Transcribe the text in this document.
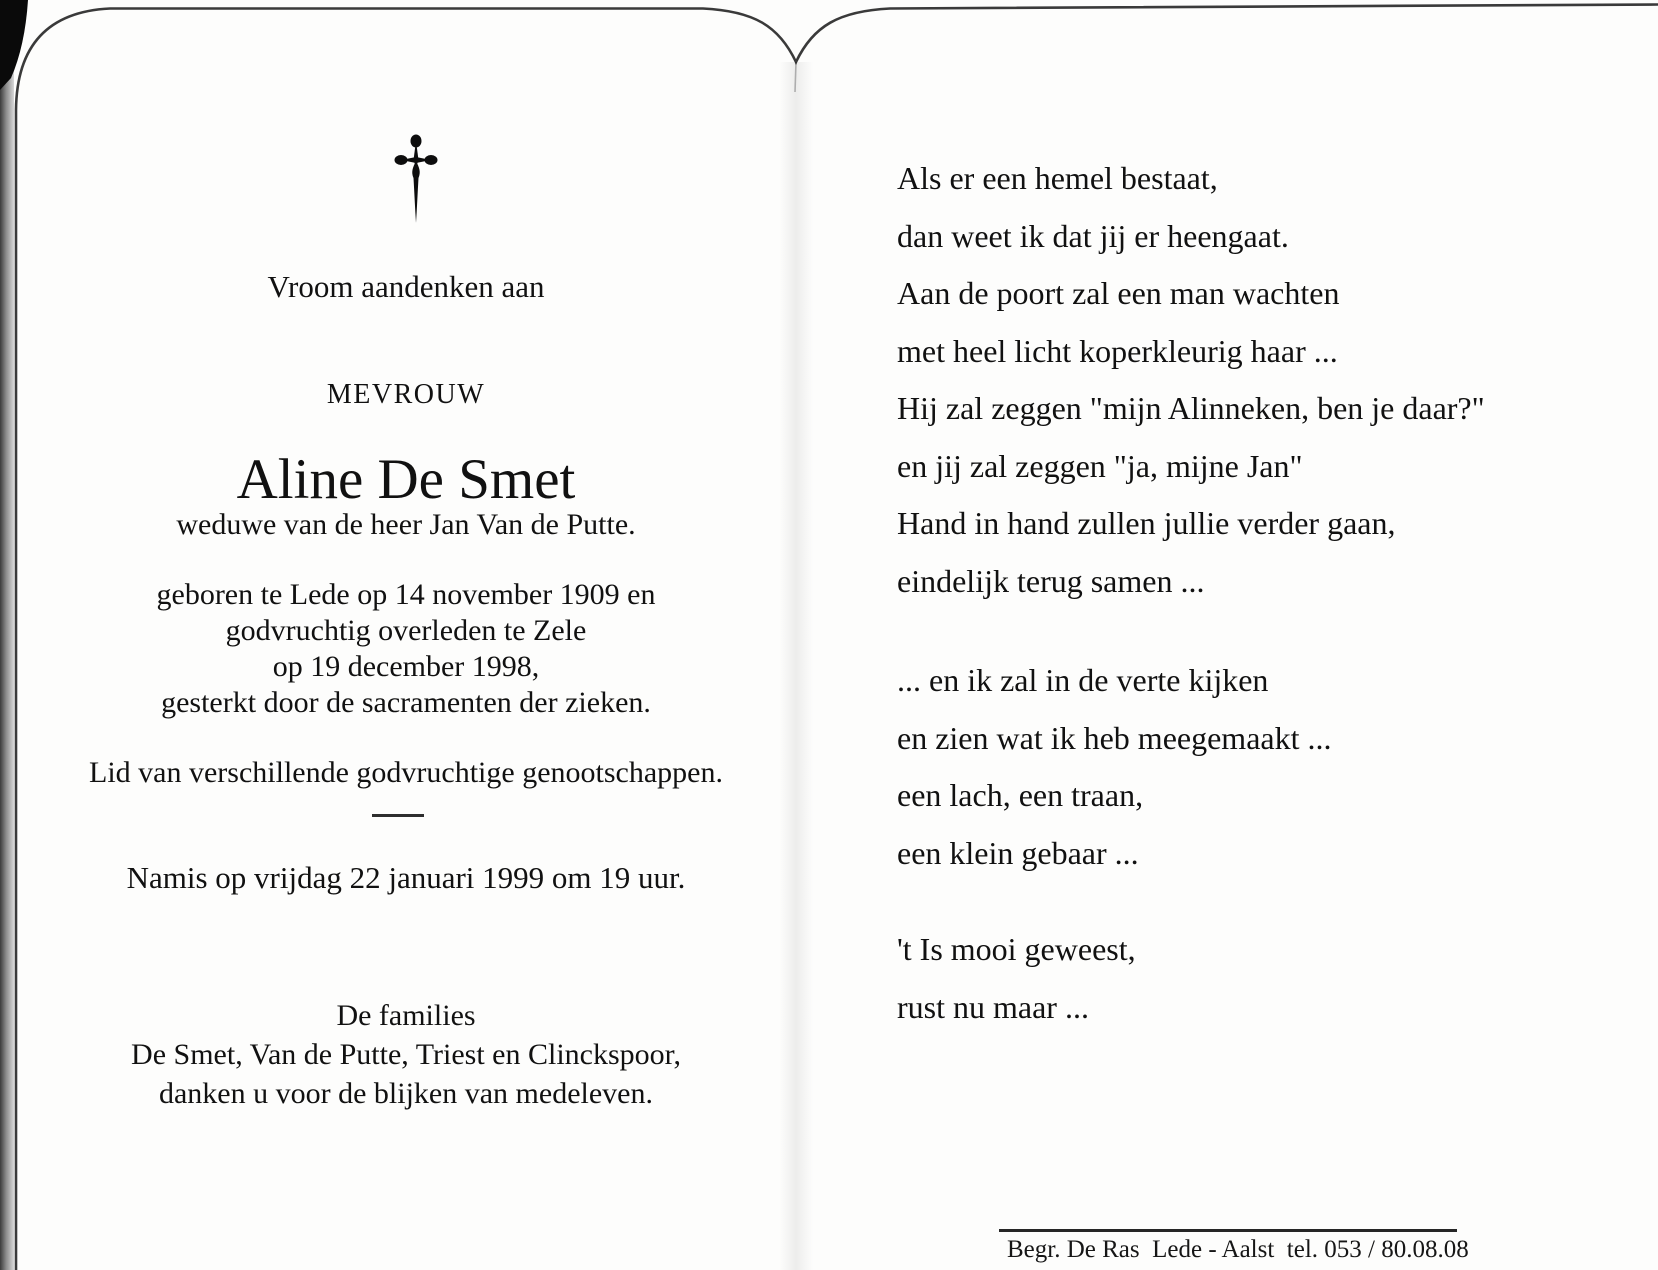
Vroom aandenken aan
MEVROUW
Aline De Smet
weduwe van de heer Jan Van de Putte.
geboren te Lede op 14 november 1909 en
godvruchtig overleden te Zele
op 19 december 1998,
gesterkt door de sacramenten der zieken.
Lid van verschillende godvruchtige genootschappen.
Namis op vrijdag 22 januari 1999 om 19 uur.
De families
De Smet, Van de Putte, Triest en Clinckspoor,
danken u voor de blijken van medeleven.
Als er een hemel bestaat,
dan weet ik dat jij er heengaat.
Aan de poort zal een man wachten
met heel licht koperkleurig haar ...
Hij zal zeggen "mijn Alinneken, ben je daar?"
en jij zal zeggen "ja, mijne Jan"
Hand in hand zullen jullie verder gaan,
eindelijk terug samen ...
... en ik zal in de verte kijken
en zien wat ik heb meegemaakt ...
een lach, een traan,
een klein gebaar ...
't Is mooi geweest,
rust nu maar ...
Begr. De Ras  Lede - Aalst  tel. 053 / 80.08.08
